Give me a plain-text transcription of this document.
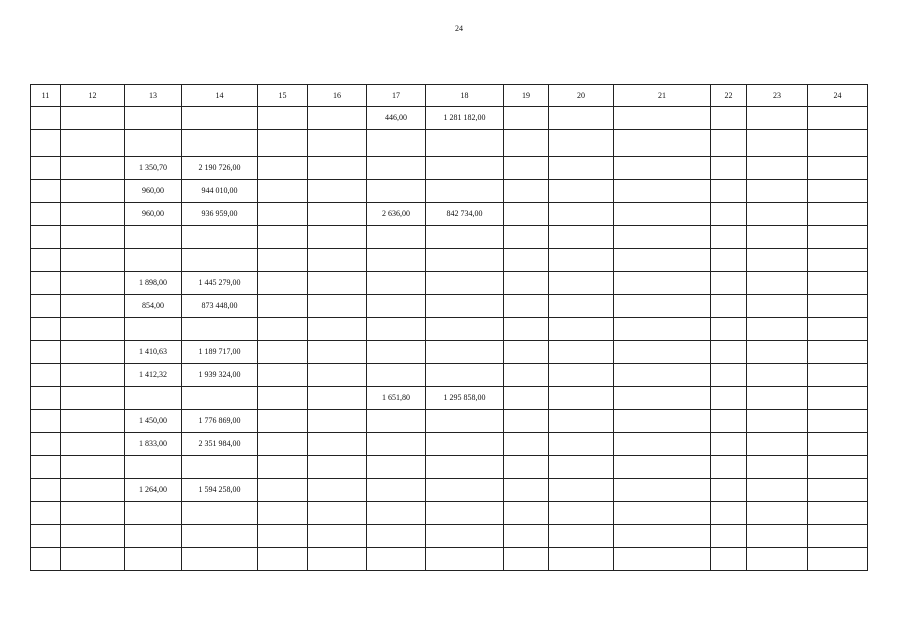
24
11	12	13	14	15	16	17	18	19	20	21	22	23	24
						446,00	1 281 182,00						

		1 350,70	2 190 726,00										
		960,00	944 010,00										
		960,00	936 959,00			2 636,00	842 734,00						

		1 898,00	1 445 279,00										
		854,00	873 448,00										

		1 410,63	1 189 717,00										
		1 412,32	1 939 324,00										
						1 651,80	1 295 858,00						
		1 450,00	1 776 869,00										
		1 833,00	2 351 984,00										

		1 264,00	1 594 258,00										
